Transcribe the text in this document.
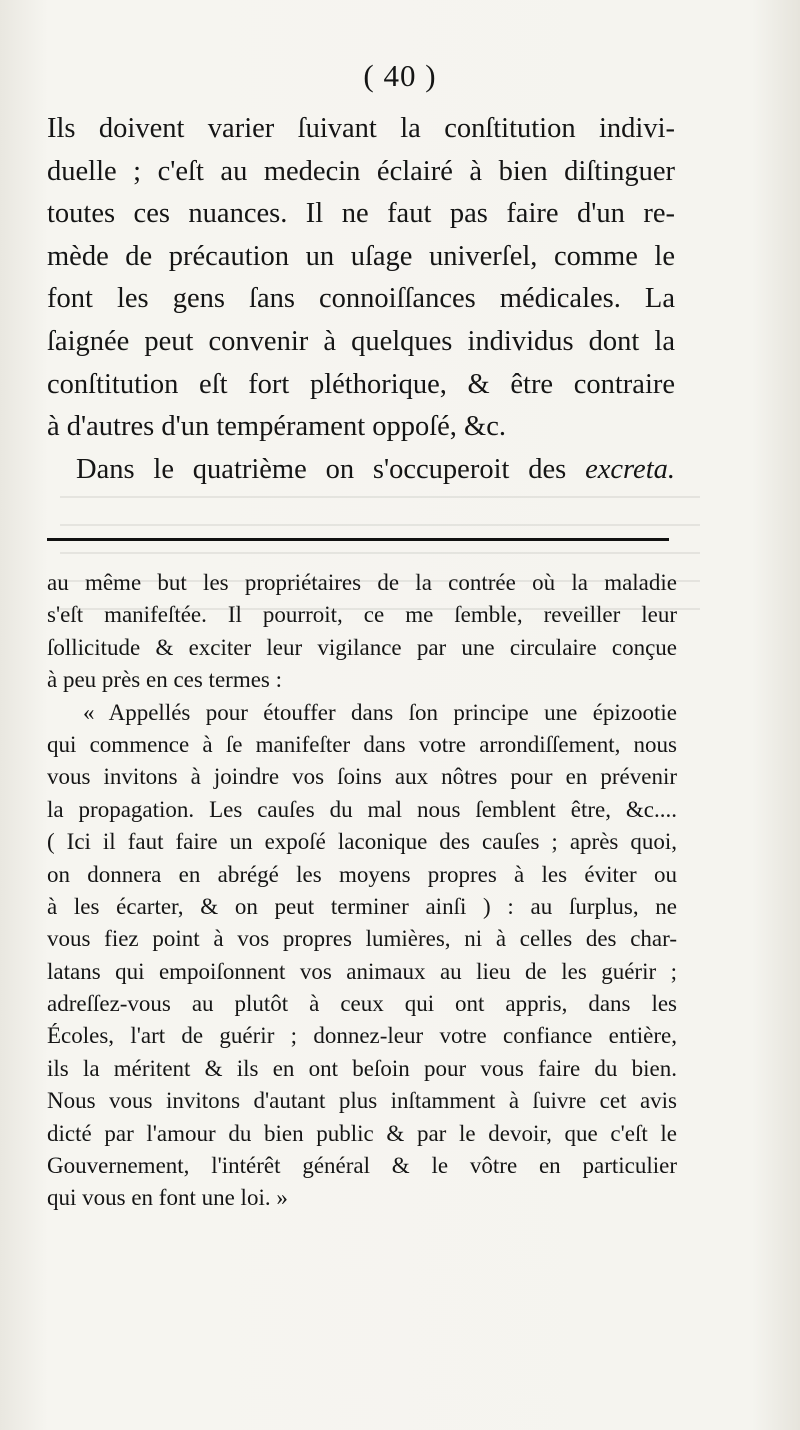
( 40 )
Ils doivent varier ſuivant la conſtitution indivi-
duelle ; c'eſt au medecin éclairé à bien diſtinguer
toutes ces nuances. Il ne faut pas faire d'un re-
mède de précaution un uſage univerſel, comme le
font les gens ſans connoiſſances médicales. La
ſaignée peut convenir à quelques individus dont la
conſtitution eſt fort pléthorique, & être contraire
à d'autres d'un tempérament oppoſé, &c.
Dans le quatrième on s'occuperoit des excreta.
au même but les propriétaires de la contrée où la maladie
s'eſt manifeſtée. Il pourroit, ce me ſemble, reveiller leur
ſollicitude & exciter leur vigilance par une circulaire conçue
à peu près en ces termes :
« Appellés pour étouffer dans ſon principe une épizootie
qui commence à ſe manifeſter dans votre arrondiſſement, nous
vous invitons à joindre vos ſoins aux nôtres pour en prévenir
la propagation. Les cauſes du mal nous ſemblent être, &c....
( Ici il faut faire un expoſé laconique des cauſes ; après quoi,
on donnera en abrégé les moyens propres à les éviter ou
à les écarter, & on peut terminer ainſi ) : au ſurplus, ne
vous fiez point à vos propres lumières, ni à celles des char-
latans qui empoiſonnent vos animaux au lieu de les guérir ;
adreſſez-vous au plutôt à ceux qui ont appris, dans les
Écoles, l'art de guérir ; donnez-leur votre confiance entière,
ils la méritent & ils en ont beſoin pour vous faire du bien.
Nous vous invitons d'autant plus inſtamment à ſuivre cet avis
dicté par l'amour du bien public & par le devoir, que c'eſt le
Gouvernement, l'intérêt général & le vôtre en particulier
qui vous en font une loi. »
